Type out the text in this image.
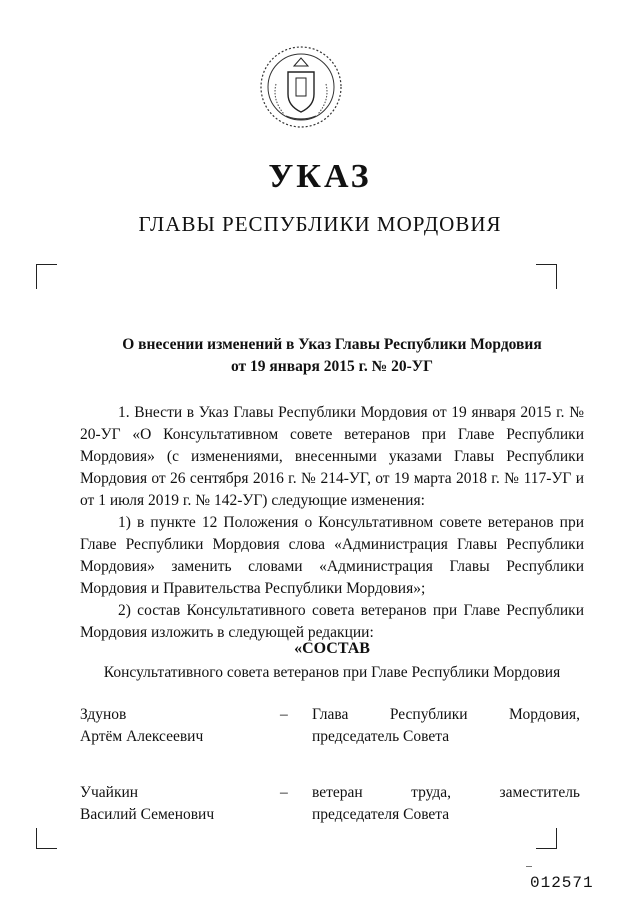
УКАЗ
ГЛАВЫ РЕСПУБЛИКИ МОРДОВИЯ
О внесении изменений в Указ Главы Республики Мордовия
от 19 января 2015 г. № 20-УГ

1. Внести в Указ Главы Республики Мордовия от 19 января 2015 г. № 20-УГ «О Консультативном совете ветеранов при Главе Республики Мордовия» (с изменениями, внесенными указами Главы Республики Мордовия от 26 сентября 2016 г. № 214-УГ, от 19 марта 2018 г. № 117-УГ и от 1 июля 2019 г. № 142-УГ) следующие изменения:

1) в пункте 12 Положения о Консультативном совете ветеранов при Главе Республики Мордовия слова «Администрация Главы Республики Мордовия» заменить словами «Администрация Главы Республики Мордовия и Правительства Республики Мордовия»;

2) состав Консультативного совета ветеранов при Главе Республики Мордовия изложить в следующей редакции:

«СОСТАВ
Консультативного совета ветеранов при Главе Республики Мордовия
Здунов
Артём Алексеевич
–	Глава Республики Мордовия, председатель Совета
Учайкин
Василий Семенович
–	ветеран труда, заместитель председателя Совета
012571
